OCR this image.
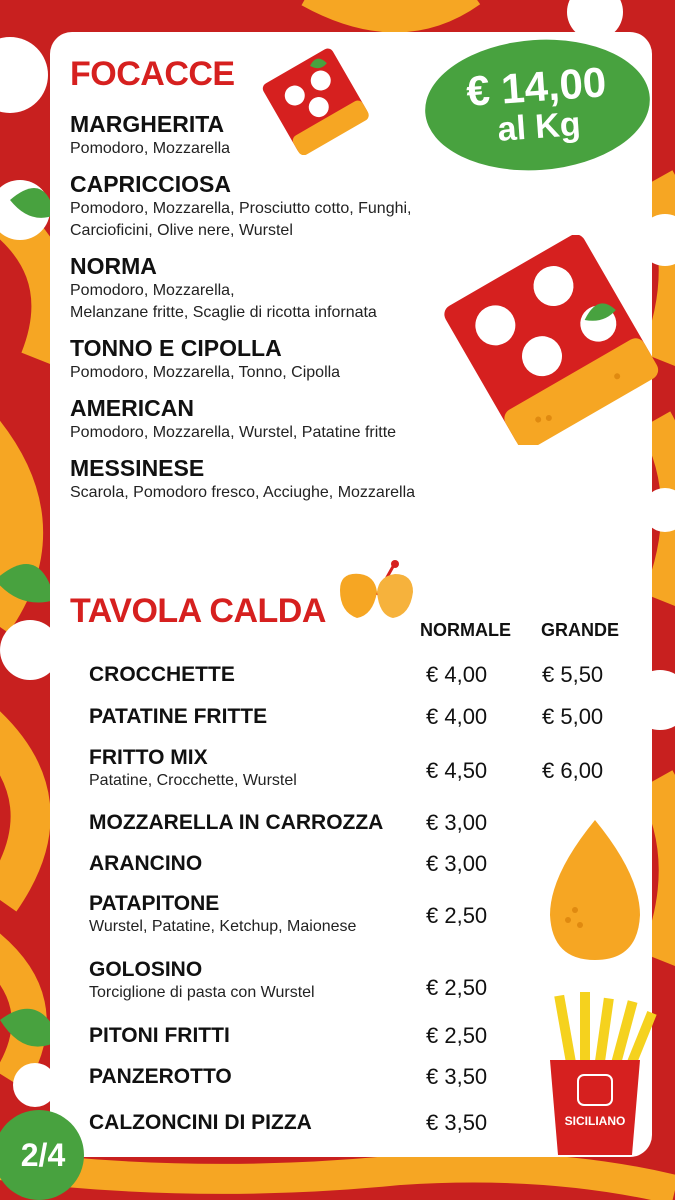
SICILIANO
FOCACCE	€ 14,00
al Kg
MARGHERITA
Pomodoro, Mozzarella
CAPRICCIOSA
Pomodoro, Mozzarella, Prosciutto cotto, Funghi,
Carcioficini, Olive nere, Wurstel
NORMA
Pomodoro, Mozzarella,
Melanzane fritte, Scaglie di ricotta infornata
TONNO E CIPOLLA
Pomodoro, Mozzarella, Tonno, Cipolla
AMERICAN
Pomodoro, Mozzarella, Wurstel, Patatine fritte
MESSINESE
Scarola, Pomodoro fresco, Acciughe, Mozzarella
TAVOLA CALDA	NORMALE GRANDE
CROCCHETTE	€ 4,00 € 5,50
PATATINE FRITTE	€ 4,00 € 5,00
FRITTO MIX
Patatine, Crocchette, Wurstel	€ 4,50 € 6,00
MOZZARELLA IN CARROZZA	€ 3,00
ARANCINO	€ 3,00
PATAPITONE
Wurstel, Patatine, Ketchup, Maionese	€ 2,50
GOLOSINO
Torciglione di pasta con Wurstel	€ 2,50
PITONI FRITTI	€ 2,50
PANZEROTTO	€ 3,50
CALZONCINI DI PIZZA	€ 3,50
2/4
